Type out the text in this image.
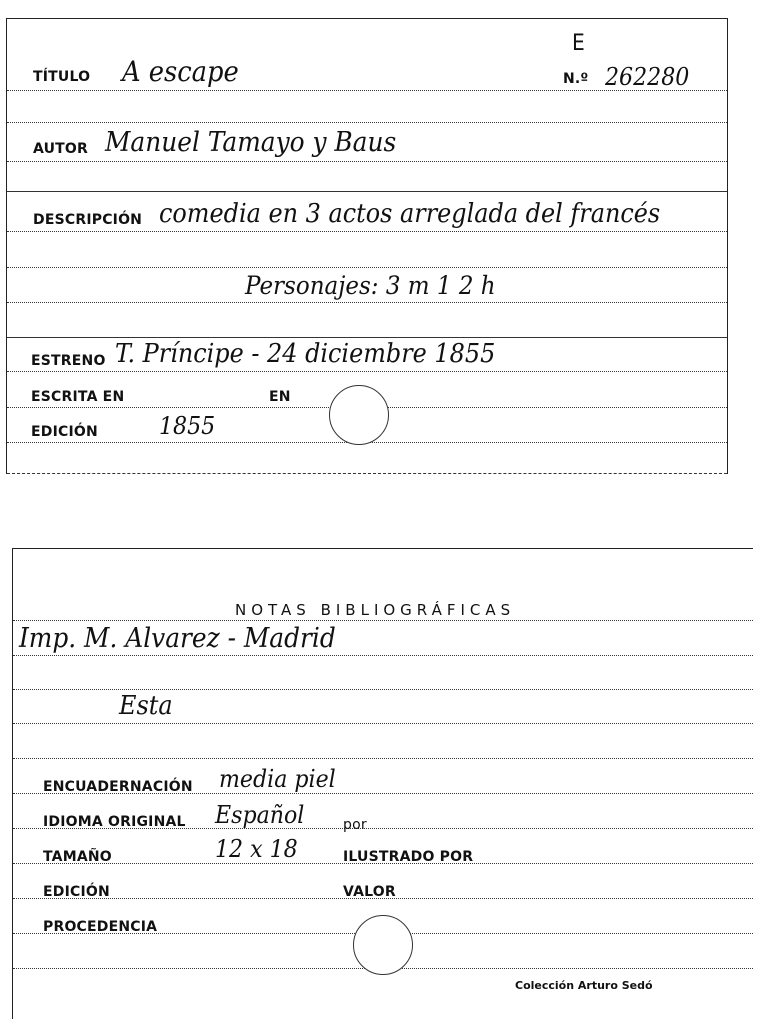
E
TÍTULO A escape	N.º 262280
AUTOR Manuel Tamayo y Baus
DESCRIPCIÓN comedia en 3 actos arreglada del francés
Personajes: 3 m 1 2 h
ESTRENO T. Príncipe - 24 diciembre 1855
ESCRITA EN	EN
EDICIÓN	1855
NOTAS BIBLIOGRÁFICAS
Imp. M. Alvarez - Madrid
Esta
ENCUADERNACIÓN media piel
IDIOMA ORIGINAL Español	por
TAMAÑO	12 x 18	ILUSTRADO POR
EDICIÓN	VALOR
PROCEDENCIA
Colección Arturo Sedó
